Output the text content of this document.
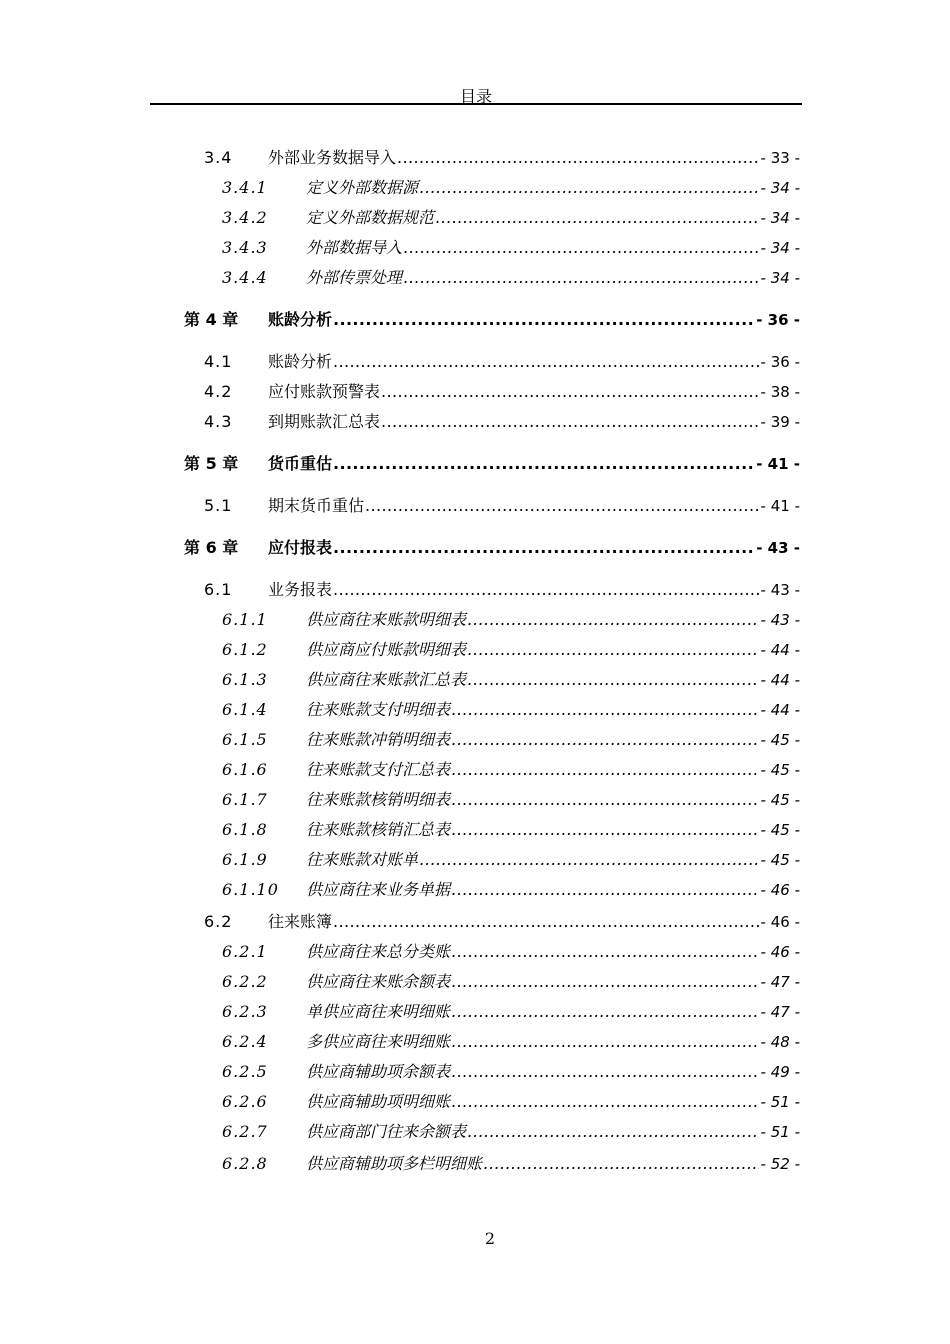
目录
.....
3.4 外部业务数据导入	- 33 -
.....
3.4.1 定义外部数据源	- 34 -
.....
3.4.2 定义外部数据规范	- 34 -
.....
3.4.3 外部数据导入	- 34 -
.....
3.4.4 外部传票处理	- 34 -
.....
第 4 章 账龄分析	- 36 -
.....
4.1 账龄分析	- 36 -
.....
4.2 应付账款预警表	- 38 -
.....
4.3 到期账款汇总表	- 39 -
.....
第 5 章 货币重估	- 41 -
.....
5.1 期末货币重估	- 41 -
.....
第 6 章 应付报表	- 43 -
.....
6.1 业务报表	- 43 -
.....
6.1.1 供应商往来账款明细表	- 43 -
.....
6.1.2 供应商应付账款明细表	- 44 -
.....
6.1.3 供应商往来账款汇总表	- 44 -
.....
6.1.4 往来账款支付明细表	- 44 -
.....
6.1.5 往来账款冲销明细表	- 45 -
.....
6.1.6 往来账款支付汇总表	- 45 -
.....
6.1.7 往来账款核销明细表	- 45 -
.....
6.1.8 往来账款核销汇总表	- 45 -
.....
6.1.9 往来账款对账单	- 45 -
.....
6.1.10 供应商往来业务单据	- 46 -
.....
6.2 往来账簿	- 46 -
.....
6.2.1 供应商往来总分类账	- 46 -
.....
6.2.2 供应商往来账余额表	- 47 -
.....
6.2.3 单供应商往来明细账	- 47 -
.....
6.2.4 多供应商往来明细账	- 48 -
.....
6.2.5 供应商辅助项余额表	- 49 -
.....
6.2.6 供应商辅助项明细账	- 51 -
.....
6.2.7 供应商部门往来余额表	- 51 -
.....
6.2.8 供应商辅助项多栏明细账	- 52 -
2
